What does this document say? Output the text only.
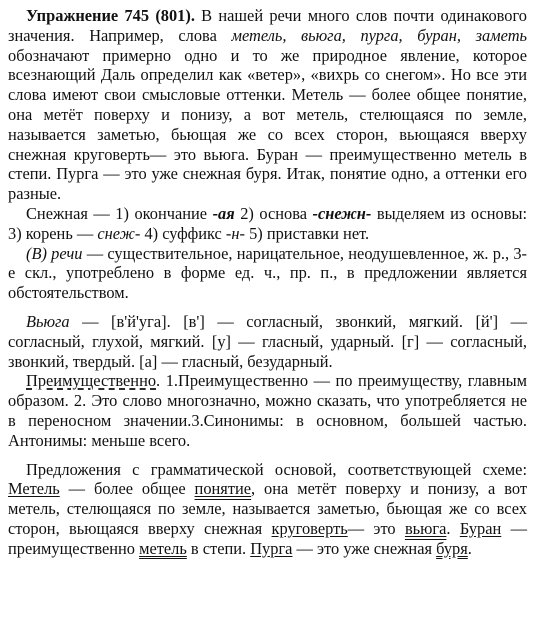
Упражнение 745 (801). В нашей речи много слов почти одинакового значения. Например, слова метель, вьюга, пурга, буран, заметь обозначают примерно одно и то же природное явление, которое всезнающий Даль определил как «ветер», «вихрь со снегом». Но все эти слова имеют свои смысловые оттенки. Метель — более общее понятие, она метёт поверху и понизу, а вот метель, стелющаяся по земле, называется заметью, бьющая же со всех сторон, вьющаяся вверху снежная круговерть— это вьюга. Буран — преимущественно метель в степи. Пурга — это уже снежная буря. Итак, понятие одно, а оттенки его разные.

Снежная — 1) окончание -ая 2) основа -снежн- выделяем из основы: 3) корень — снеж- 4) суффикс -н- 5) приставки нет.

(В) речи — существительное, нарицательное, неодушевленное, ж. р., 3-е скл., употреблено в форме ед. ч., пр. п., в предложении является обстоятельством.

Вьюга — [в'й'уга]. [в'] — согласный, звонкий, мягкий. [й'] — согласный, глухой, мягкий. [у] — гласный, ударный. [г] — согласный, звонкий, твердый. [а] — гласный, безударный.

Преимущественно. 1.Преимущественно — по преимуществу, главным образом. 2. Это слово многозначно, можно сказать, что употребляется не в переносном значении.3.Синонимы: в основном, большей частью. Антонимы: меньше всего.

Предложения с грамматической основой, соответствующей схеме: Метель — более общее понятие, она метёт поверху и понизу, а вот метель, стелющаяся по земле, называется заметью, бьющая же со всех сторон, вьющаяся вверху снежная круговерть— это вьюга. Буран — преимущественно метель в степи. Пурга — это уже снежная буря.
